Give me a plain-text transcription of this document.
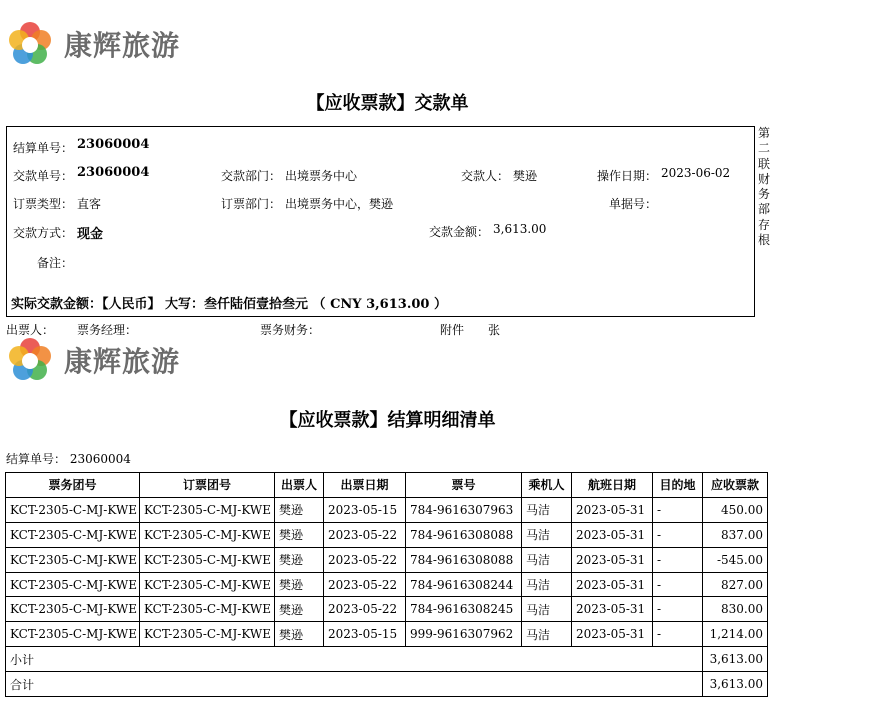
康辉旅游
【应收票款】交款单
结算单号： 23060004
交款单号： 23060004	交款部门： 出境票务中心	交款人： 樊逊	操作日期： 2023-06-02
订票类型： 直客	订票部门： 出境票务中心，樊逊	单据号：
交款方式： 现金	交款金额： 3,613.00
备注：
实际交款金额：【人民币】 大写：叁仟陆佰壹拾叁元 （ CNY 3,613.00 ）
第
二
联
财
务
部
存
根
出票人： 票务经理：	票务财务：	附件 张
康辉旅游
【应收票款】结算明细清单
结算单号： 23060004
票务团号	订票团号	出票人	出票日期	票号	乘机人	航班日期	目的地	应收票款
KCT-2305-C-MJ-KWE	KCT-2305-C-MJ-KWE	樊逊	2023-05-15	784-9616307963	马洁	2023-05-31	-	450.00
KCT-2305-C-MJ-KWE	KCT-2305-C-MJ-KWE	樊逊	2023-05-22	784-9616308088	马洁	2023-05-31	-	837.00
KCT-2305-C-MJ-KWE	KCT-2305-C-MJ-KWE	樊逊	2023-05-22	784-9616308088	马洁	2023-05-31	-	-545.00
KCT-2305-C-MJ-KWE	KCT-2305-C-MJ-KWE	樊逊	2023-05-22	784-9616308244	马洁	2023-05-31	-	827.00
KCT-2305-C-MJ-KWE	KCT-2305-C-MJ-KWE	樊逊	2023-05-22	784-9616308245	马洁	2023-05-31	-	830.00
KCT-2305-C-MJ-KWE	KCT-2305-C-MJ-KWE	樊逊	2023-05-15	999-9616307962	马洁	2023-05-31	-	1,214.00
小计								3,613.00
合计								3,613.00
